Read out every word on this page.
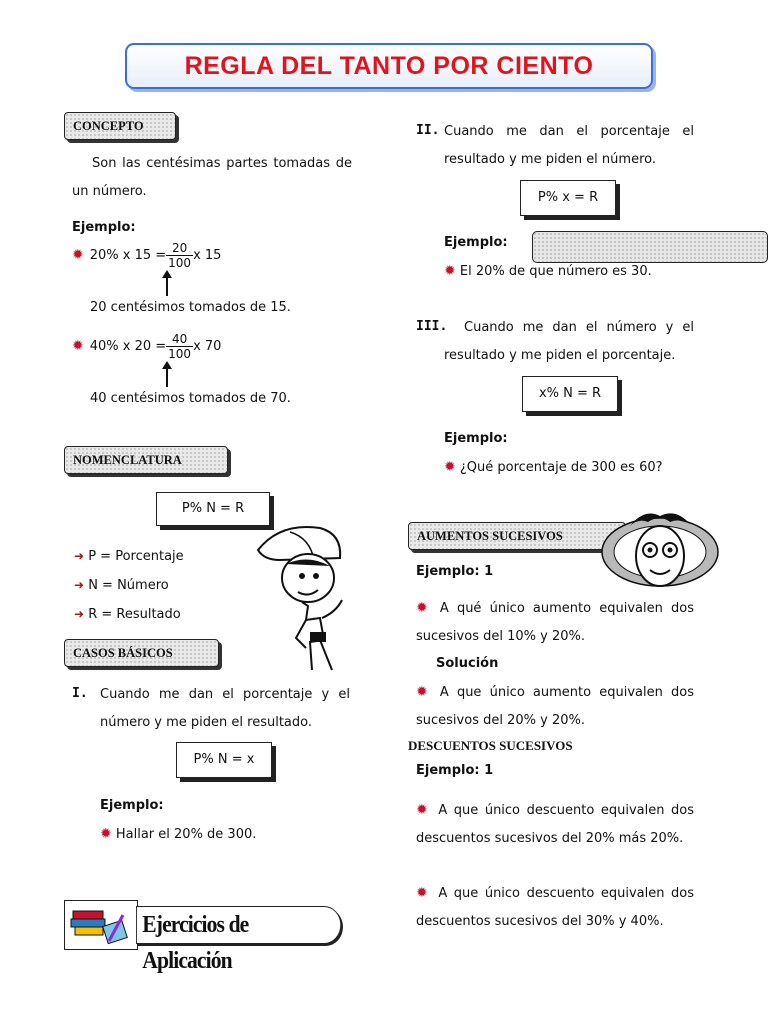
REGLA DEL TANTO POR CIENTO
CONCEPTO
Son las centésimas partes tomadas de un número.
Ejemplo:
✹ 20% x $15 = \frac{20}{100}$ x 15
20 centésimos tomados de 15.
✹ 40% x $20 = \frac{40}{100}$ x 70
40 centésimos tomados de 70.
NOMENCLATURA
P% N = R
➜ P = Porcentaje
➜ N = Número
➜ R = Resultado
CASOS BÁSICOS
I. Cuando me dan el porcentaje y el número y me piden el resultado.
P% N = x
Ejemplo:
✹ Hallar el 20% de 300.
Ejercicios de Aplicación
II. Cuando me dan el porcentaje el resultado y me piden el número.
P% x = R
Ejemplo:
✹ El 20% de que número es 30.
III.	Cuando me dan el número y el resultado y me piden el porcentaje.
x% N = R
Ejemplo:
✹ ¿Qué porcentaje de 300 es 60?
AUMENTOS SUCESIVOS
Ejemplo: 1
✹ A qué único aumento equivalen dos sucesivos del 10% y 20%.
Solución
✹ A que único aumento equivalen dos sucesivos del 20% y 20%.
DESCUENTOS SUCESIVOS
Ejemplo: 1
✹ A que único descuento equivalen dos descuentos sucesivos del 20% más 20%.
✹ A que único descuento equivalen dos descuentos sucesivos del 30% y 40%.
